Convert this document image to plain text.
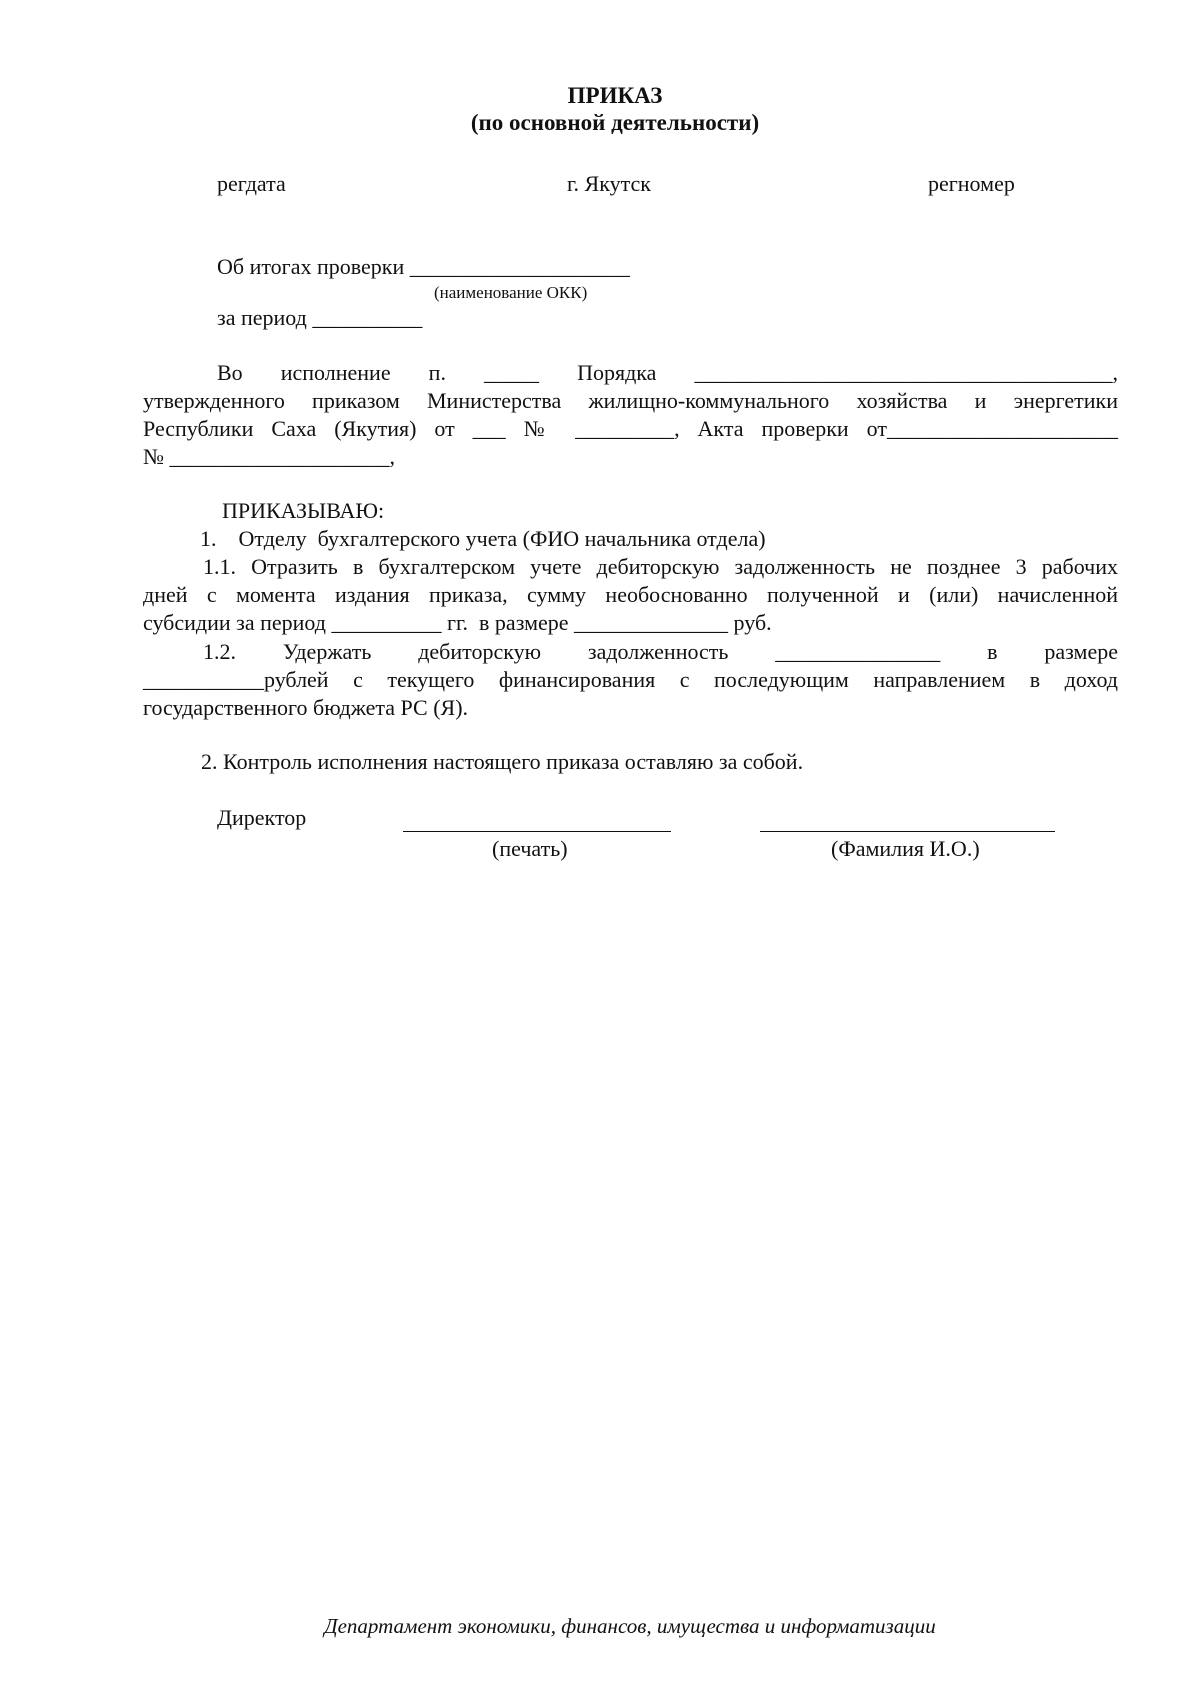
ПРИКАЗ
(по основной деятельности)
регдата	г. Якутск	регномер
Об итогах проверки ____________________
(наименование ОКК)
за период __________
Во исполнение п. _____ Порядка ______________________________________,
утвержденного приказом Министерства жилищно-коммунального хозяйства и энергетики
Республики Саха (Якутия) от ___ № _________, Акта проверки от_____________________
№ ____________________,
ПРИКАЗЫВАЮ:
1.    Отделу  бухгалтерского учета (ФИО начальника отдела)
1.1. Отразить в бухгалтерском учете дебиторскую задолженность не позднее 3 рабочих
дней с момента издания приказа, сумму необоснованно полученной и (или) начисленной
субсидии за период __________ гг.  в размере ______________ руб.
1.2. Удержать дебиторскую задолженность _______________ в размере
___________рублей с текущего финансирования с последующим направлением в доход
государственного бюджета РС (Я).
2. Контроль исполнения настоящего приказа оставляю за собой.
Директор
(печать)	(Фамилия И.О.)
Департамент экономики, финансов, имущества и информатизации
